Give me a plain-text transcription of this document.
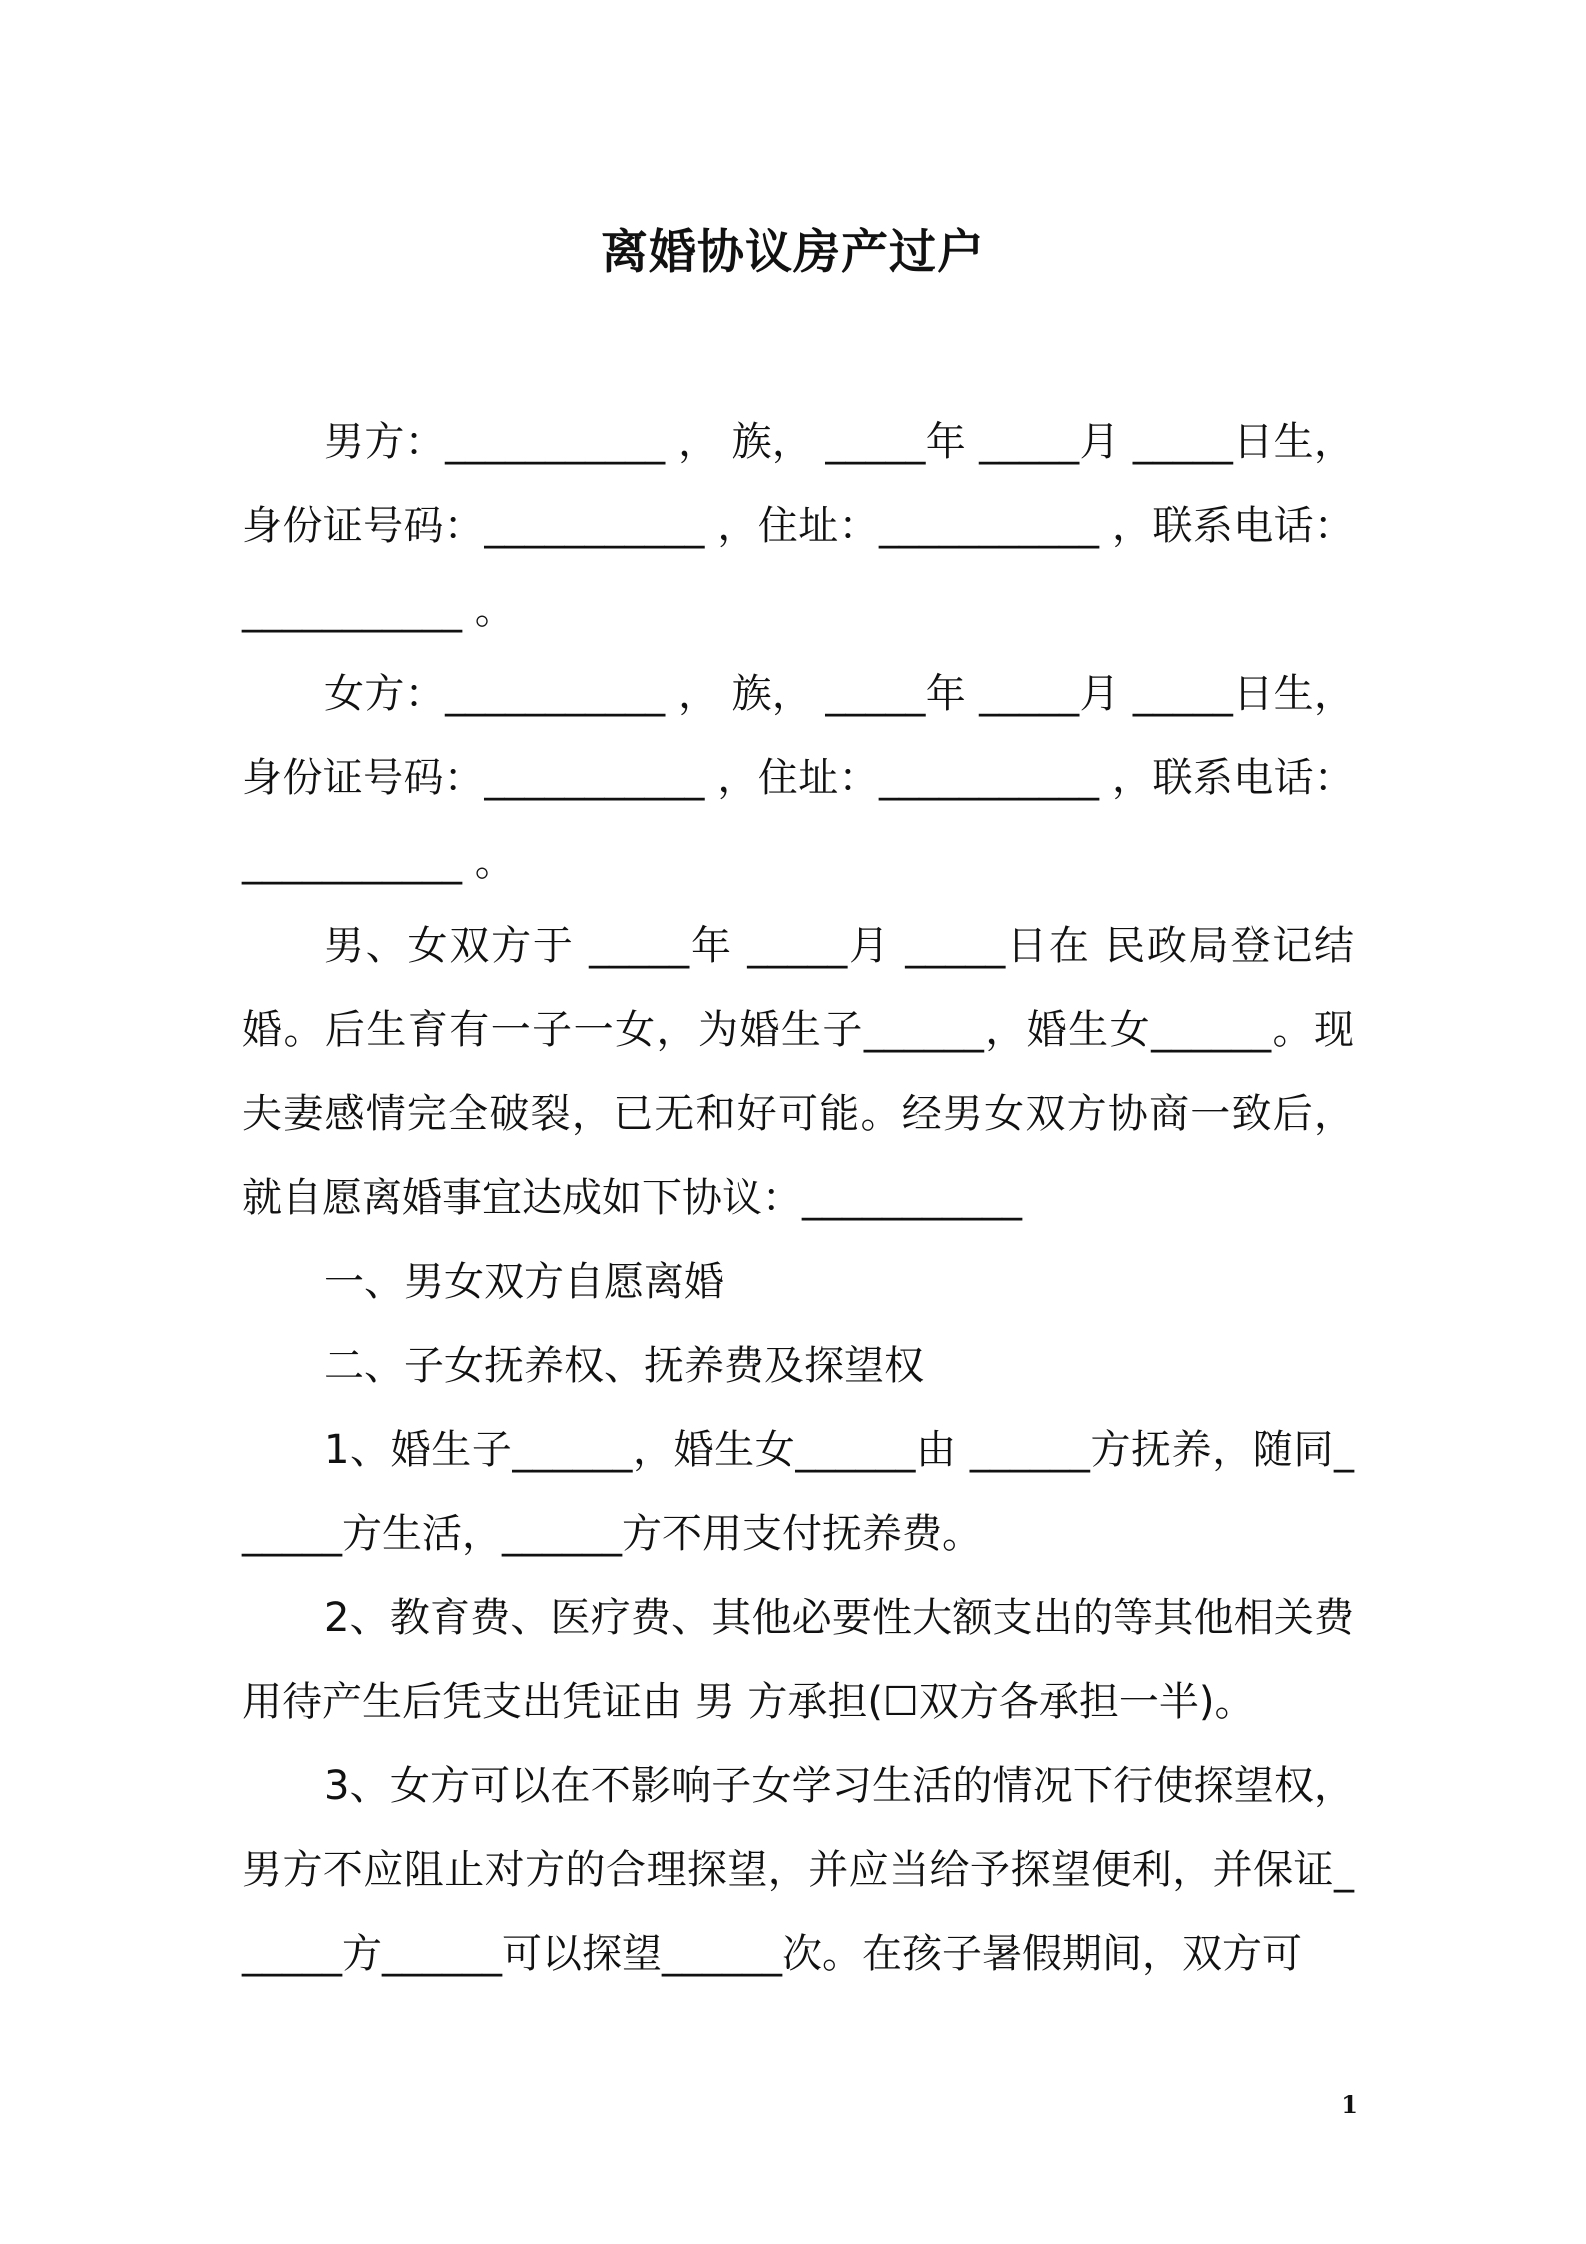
离婚协议房产过户

男方：___________ ， 族， _____年 _____月 _____日生，身份证号码：___________ ，住址：___________ ，联系电话：___________ 。

女方：___________ ， 族， _____年 _____月 _____日生，身份证号码：___________ ，住址：___________ ，联系电话：___________ 。

男、女双方于 _____年 _____月 _____日在 民政局登记结婚。后生育有一子一女，为婚生子______，婚生女______。现夫妻感情完全破裂，已无和好可能。经男女双方协商一致后，就自愿离婚事宜达成如下协议：___________

一、男女双方自愿离婚

二、子女抚养权、抚养费及探望权

1、婚生子______，婚生女______由 ______方抚养，随同______方生活，______方不用支付抚养费。

2、教育费、医疗费、其他必要性大额支出的等其他相关费用待产生后凭支出凭证由 男 方承担(☐双方各承担一半)。

3、女方可以在不影响子女学习生活的情况下行使探望权，男方不应阻止对方的合理探望，并应当给予探望便利，并保证______方______可以探望______次。在孩子暑假期间，双方可

1
